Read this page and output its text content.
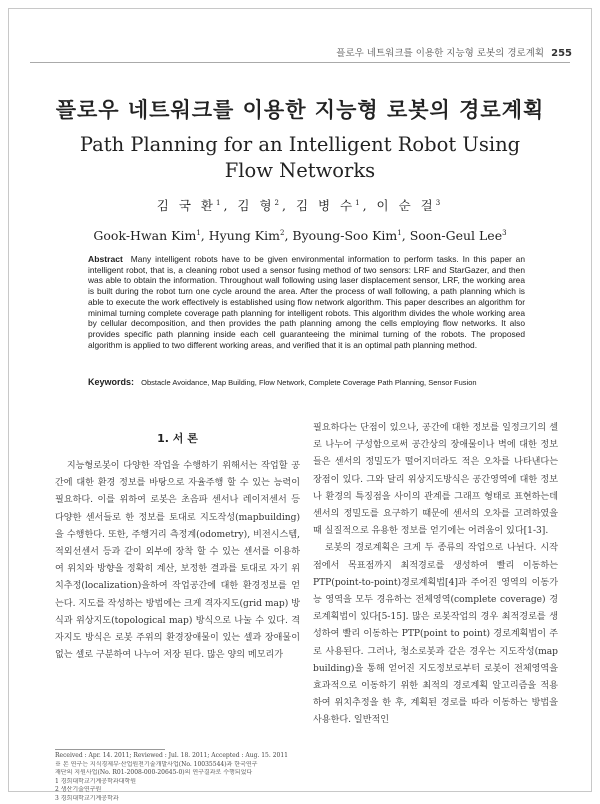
플로우 네트워크를 이용한 지능형 로봇의 경로계획 255
플로우 네트워크를 이용한 지능형 로봇의 경로계획
Path Planning for an Intelligent Robot Using Flow Networks
김 국 환$^1$, 김 형$^2$, 김 병 수$^1$, 이 순 걸$^3$
Gook-Hwan Kim$^1$, Hyung Kim$^2$, Byoung-Soo Kim$^1$, Soon-Geul Lee$^3$
Abstract Many intelligent robots have to be given environmental information to perform tasks. In this paper an intelligent robot, that is, a cleaning robot used a sensor fusing method of two sensors: LRF and StarGazer, and then was able to obtain the information. Throughout wall following using laser displacement sensor, LRF, the working area is built during the robot turn one cycle around the area. After the process of wall following, a path planning which is able to execute the work effectively is established using flow network algorithm. This paper describes an algorithm for minimal turning complete coverage path planning for intelligent robots. This algorithm divides the whole working area by cellular decomposition, and then provides the path planning among the cells employing flow networks. It also provides specific path planning inside each cell guaranteeing the minimal turning of the robots. The proposed algorithm is applied to two different working areas, and verified that it is an optimal path planning method.
Keywords: Obstacle Avoidance, Map Building, Flow Network, Complete Coverage Path Planning, Sensor Fusion
1. 서 론

지능형로봇이 다양한 작업을 수행하기 위해서는 작업할 공간에 대한 환경 정보를 바탕으로 자율주행 할 수 있는 능력이 필요하다. 이를 위하여 로봇은 초음파 센서나 레이저센서 등 다양한 센서들로 한 정보를 토대로 지도작성(mapbuilding)을 수행한다. 또한, 주행거리 측정계(odometry), 비전시스템, 적외선센서 등과 같이 외부에 장착 할 수 있는 센서를 이용하여 위치와 방향을 정확히 계산, 보정한 결과를 토대로 자기 위치추정(localization)을하여 작업공간에 대한 환경정보를 얻는다. 지도를 작성하는 방법에는 크게 격자지도(grid map) 방식과 위상지도(topological map) 방식으로 나눌 수 있다. 격자지도 방식은 로봇 주위의 환경장애물이 있는 셀과 장애물이 없는 셀로 구분하여 나누어 저장 된다. 많은 양의 메모리가

필요하다는 단점이 있으나, 공간에 대한 정보를 일정크기의 셀로 나누어 구성함으로써 공간상의 장애물이나 벽에 대한 정보들은 센서의 정밀도가 떨어지더라도 적은 오차를 나타낸다는 장점이 있다. 그와 달리 위상지도방식은 공간영역에 대한 정보나 환경의 특징점을 사이의 관계를 그래프 형태로 표현하는데 센서의 정밀도를 요구하기 때문에 센서의 오차를 고려하였을때 실질적으로 유용한 정보를 얻기에는 어려움이 있다[1-3].

로봇의 경로계획은 크게 두 종류의 작업으로 나뉜다. 시작점에서 목표점까지 최적경로를 생성하여 빨리 이동하는 PTP(point-to-point)경로계획법[4]과 주어진 영역의 이동가능 영역을 모두 경유하는 전체영역(complete coverage) 경로계획법이 있다[5-15]. 많은 로봇작업의 경우 최적경로를 생성하여 빨리 이동하는 PTP(point to point) 경로계획법이 주로 사용된다. 그러나, 청소로봇과 같은 경우는 지도작성(map building)을 통해 얻어진 지도정보로부터 로봇이 전체영역을 효과적으로 이동하기 위한 최적의 경로계획 알고리즘을 적용하여 위치추정을 한 후, 계획된 경로를 따라 이동하는 방법을 사용한다. 일반적인

Received : Apr. 14. 2011; Reviewed : Jul. 18. 2011; Accepted : Aug. 15. 2011
※ 본 연구는 지식경제부·산업원천기술개발사업(No. 10035544)과 한국연구
재단의 지원사업(No. R01-2008-000-20645-0)의 연구결과로 수행되었다
1 경희대학교기계공학과대학원
2 생산기술연구원
3 경희대학교기계공학과
